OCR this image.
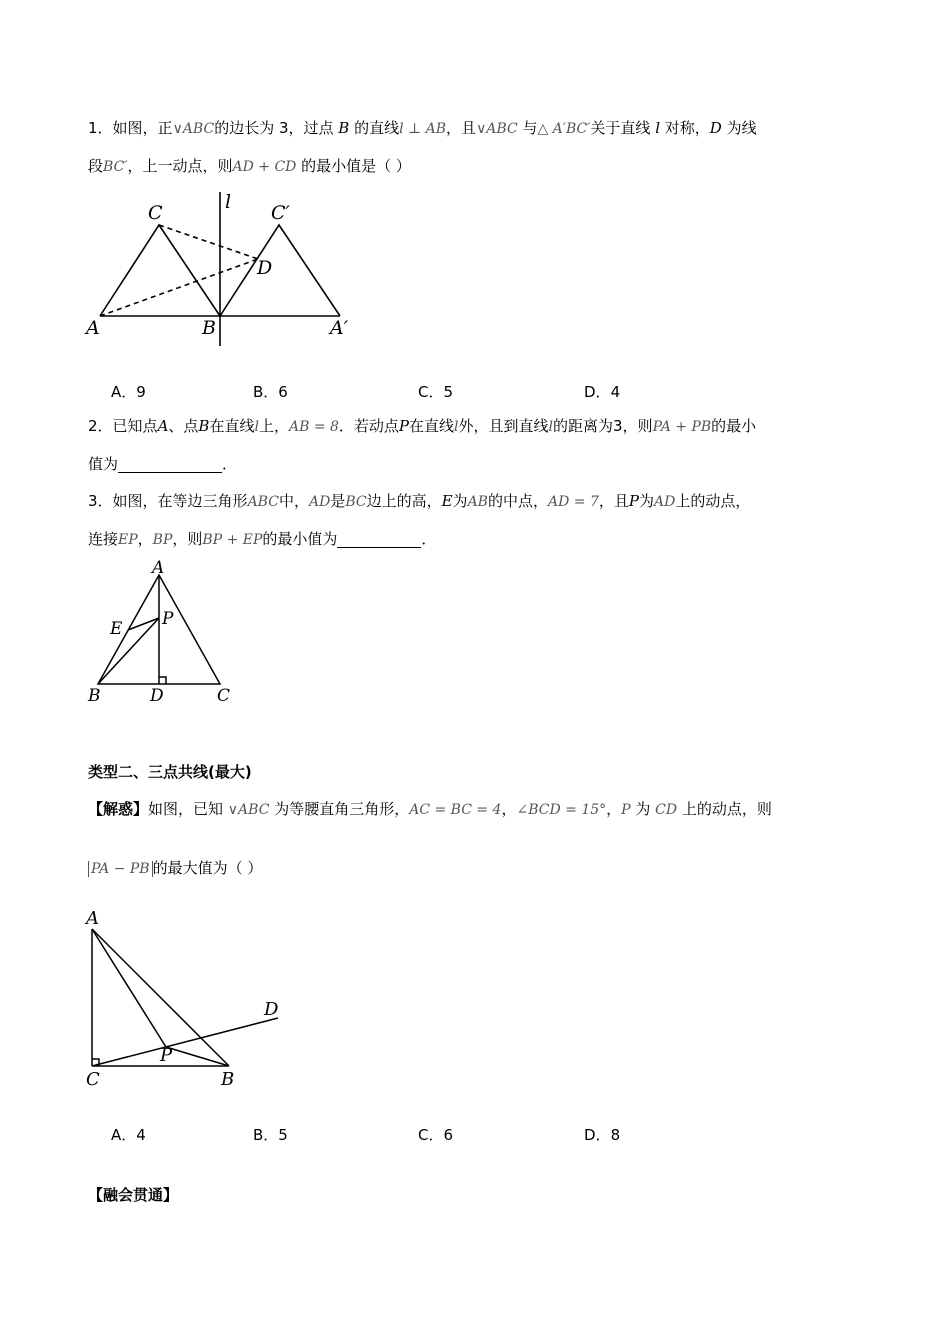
1．如图，正∨ABC的边长为 3，过点 B 的直线l ⊥ AB，且∨ABC 与△ A′BC′关于直线 l 对称，D 为线
段BC′，上一动点，则AD + CD 的最小值是（ ）
C	C′
l
D
A	B	A′
A．9	B．6	C．5	D．4
2．已知点A、点B在直线l上，AB = 8．若动点P在直线l外，且到直线l的距离为3，则PA + PB的最小
值为	．
3．如图，在等边三角形ABC中，AD是BC边上的高，E为AB的中点，AD = 7，且P为AD上的动点，
连接EP，BP，则BP + EP的最小值为	．
A
E P
B	D	C
类型二、三点共线(最大)
【解惑】如图，已知 ∨ABC 为等腰直角三角形，AC = BC = 4，∠BCD = 15°，P 为 CD 上的动点，则
PA − PB 的最大值为（ ）
A
D
P
C	B
A．4	B．5	C．6	D．8
【融会贯通】
